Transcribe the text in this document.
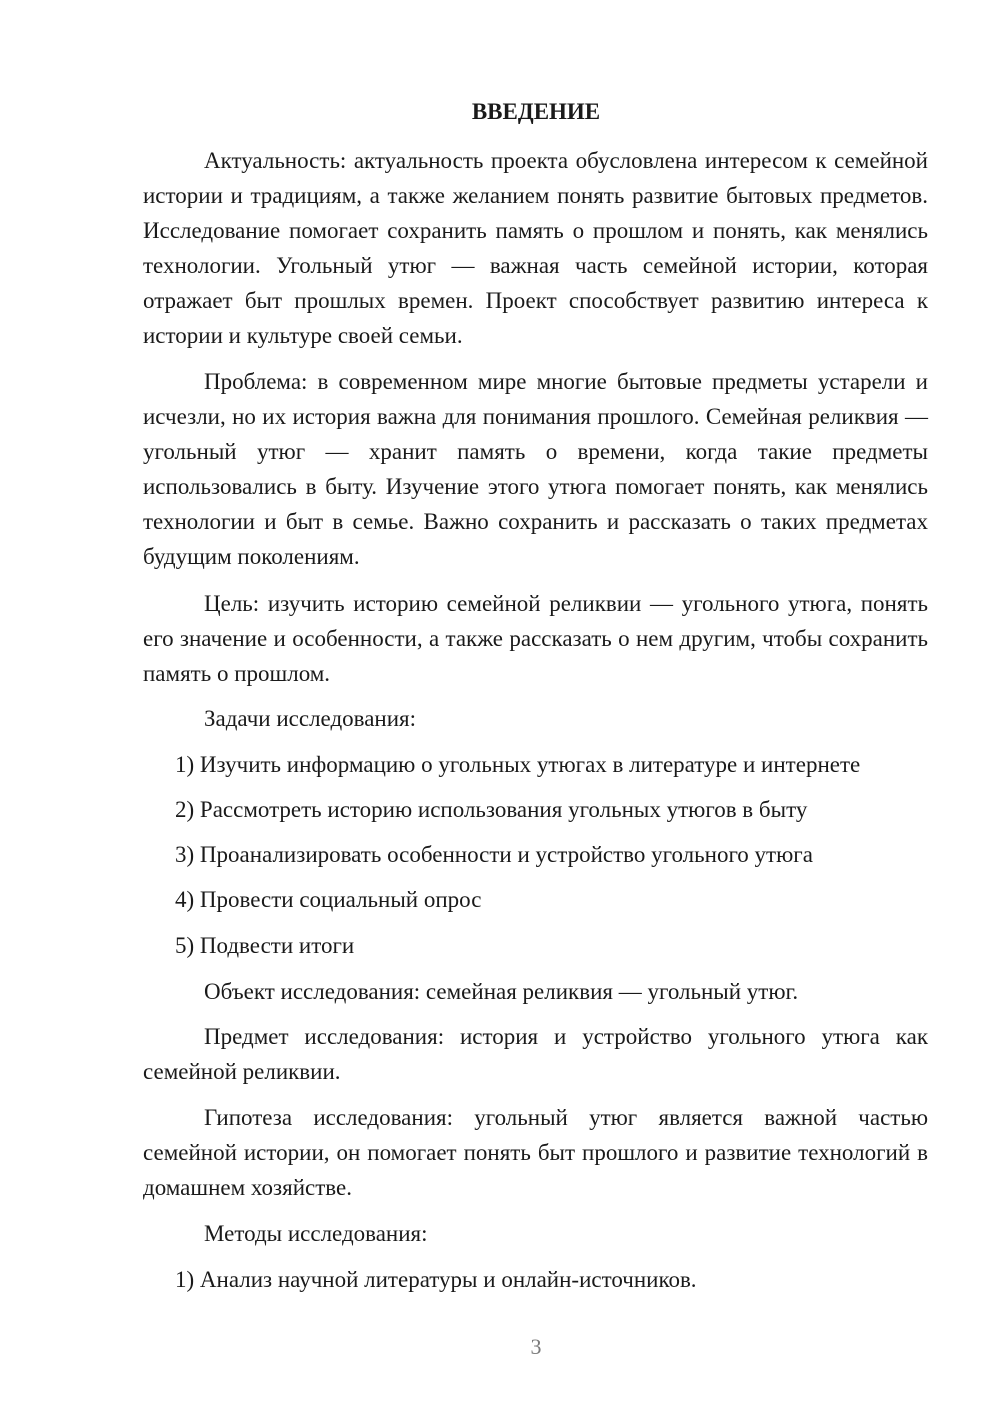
ВВЕДЕНИЕ

Актуальность: актуальность проекта обусловлена интересом к семейной истории и традициям, а также желанием понять развитие бытовых предметов. Исследование помогает сохранить память о прошлом и понять, как менялись технологии. Угольный утюг — важная часть семейной истории, которая отражает быт прошлых времен. Проект способствует развитию интереса к истории и культуре своей семьи.

Проблема: в современном мире многие бытовые предметы устарели и исчезли, но их история важна для понимания прошлого. Семейная реликвия — угольный утюг — хранит память о времени, когда такие предметы использовались в быту. Изучение этого утюга помогает понять, как менялись технологии и быт в семье. Важно сохранить и рассказать о таких предметах будущим поколениям.

Цель: изучить историю семейной реликвии — угольного утюга, понять его значение и особенности, а также рассказать о нем другим, чтобы сохранить память о прошлом.

Задачи исследования:

1) Изучить информацию о угольных утюгах в литературе и интернете

2) Рассмотреть историю использования угольных утюгов в быту

3) Проанализировать особенности и устройство угольного утюга

4) Провести социальный опрос

5) Подвести итоги

Объект исследования: семейная реликвия — угольный утюг.

Предмет исследования: история и устройство угольного утюга как семейной реликвии.

Гипотеза исследования: угольный утюг является важной частью семейной истории, он помогает понять быт прошлого и развитие технологий в домашнем хозяйстве.

Методы исследования:

1) Анализ научной литературы и онлайн-источников.

3
